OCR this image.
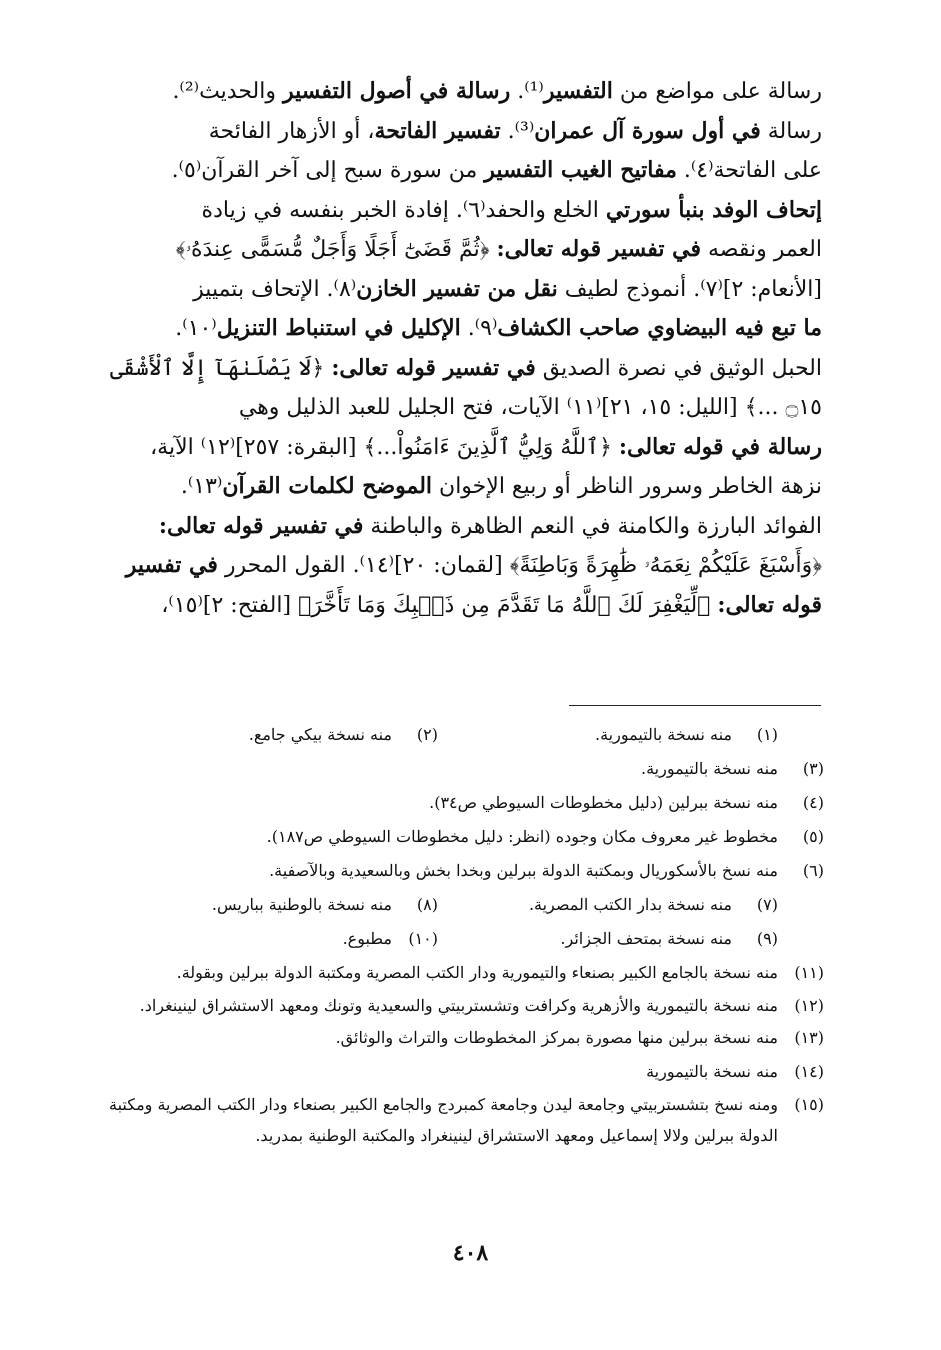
رسالة على مواضع من التفسير⁽¹⁾. رسالة في أصول التفسير والحديث⁽²⁾.

رسالة في أول سورة آل عمران⁽³⁾. تفسير الفاتحة، أو الأزهار الفائحة

على الفاتحة⁽٤⁾. مفاتيح الغيب التفسير من سورة سبح إلى آخر القرآن⁽٥⁾.

إتحاف الوفد بنبأ سورتي الخلع والحفد⁽٦⁾. إفادة الخبر بنفسه في زيادة

العمر ونقصه في تفسير قوله تعالى: ﴿ثُمَّ قَضَىٰٓ أَجَلًا وَأَجَلٌ مُّسَمًّى عِندَهُۥ﴾

[الأنعام: ٢]⁽٧⁾. أنموذج لطيف نقل من تفسير الخازن⁽٨⁾. الإتحاف بتمييز

ما تبع فيه البيضاوي صاحب الكشاف⁽٩⁾. الإكليل في استنباط التنزيل⁽١٠⁾.

الحبل الوثيق في نصرة الصديق في تفسير قوله تعالى: ﴿لَا يَصْلَىٰهَآ إِلَّا ٱلْأَشْقَى

۝١٥ ...﴾ [الليل: ١٥، ٢١]⁽١١⁾ الآيات، فتح الجليل للعبد الذليل وهي

رسالة في قوله تعالى: ﴿ٱللَّهُ وَلِيُّ ٱلَّذِينَ ءَامَنُواْ...﴾ [البقرة: ٢٥٧]⁽١٢⁾ الآية،

نزهة الخاطر وسرور الناظر أو ربيع الإخوان الموضح لكلمات القرآن⁽١٣⁾.

الفوائد البارزة والكامنة في النعم الظاهرة والباطنة في تفسير قوله تعالى:

﴿وَأَسْبَغَ عَلَيْكُمْ نِعَمَهُۥ ظَٰهِرَةً وَبَاطِنَةً﴾ [لقمان: ٢٠]⁽١٤⁾. القول المحرر في تفسير

قوله تعالى: ﴿لِّيَغْفِرَ لَكَ ٱللَّهُ مَا تَقَدَّمَ مِن ذَنۢبِكَ وَمَا تَأَخَّرَ﴾ [الفتح: ٢]⁽١٥⁾،

(١)
منه نسخة بالتيمورية.
(٢)
منه نسخة بيكي جامع.
(٣)
منه نسخة بالتيمورية.
(٤)
منه نسخة ببرلين (دليل مخطوطات السيوطي ص٣٤).
(٥)
مخطوط غير معروف مكان وجوده (انظر: دليل مخطوطات السيوطي ص١٨٧).
(٦)
منه نسخ بالأسكوريال وبمكتبة الدولة ببرلين وبخدا بخش وبالسعيدية وبالآصفية.
(٧)
منه نسخة بدار الكتب المصرية.
(٨)
منه نسخة بالوطنية بباريس.
(٩)
منه نسخة بمتحف الجزائر.
(١٠)
مطبوع.
(١١)
منه نسخة بالجامع الكبير بصنعاء والتيمورية ودار الكتب المصرية ومكتبة الدولة ببرلين وبقولة.
(١٢)
منه نسخة بالتيمورية والأزهرية وكرافت وتشستربيتي والسعيدية وتونك ومعهد الاستشراق لينينغراد.
(١٣)
منه نسخة ببرلين منها مصورة بمركز المخطوطات والتراث والوثائق.
(١٤)
منه نسخة بالتيمورية
(١٥)
ومنه نسخ بتشستربيتي وجامعة ليدن وجامعة كمبردج والجامع الكبير بصنعاء ودار الكتب المصرية ومكتبة الدولة ببرلين ولالا إسماعيل ومعهد الاستشراق لينينغراد والمكتبة الوطنية بمدريد.
٤٠٨
